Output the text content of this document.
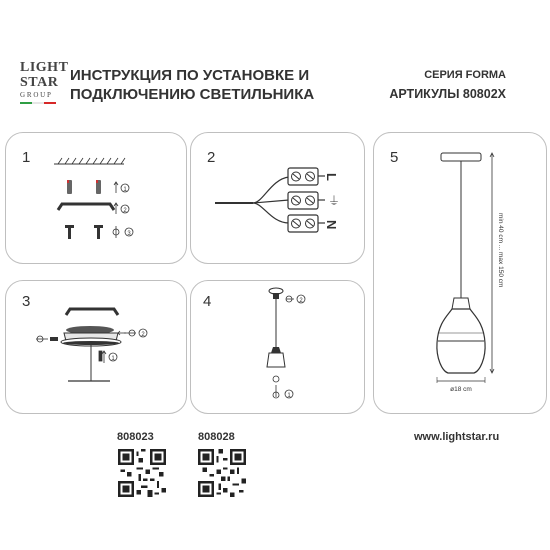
LIGHT
STAR
GROUP
ИНСТРУКЦИЯ ПО УСТАНОВКЕ И
ПОДКЛЮЧЕНИЮ СВЕТИЛЬНИКА
СЕРИЯ FORMA
АРТИКУЛЫ 80802X
1
1
2
3
2
L
⏚
N
3
2
1
4	2
1
5
min 40 cm ... max 150 cm
ø18 cm
808023	808028	www.lightstar.ru
